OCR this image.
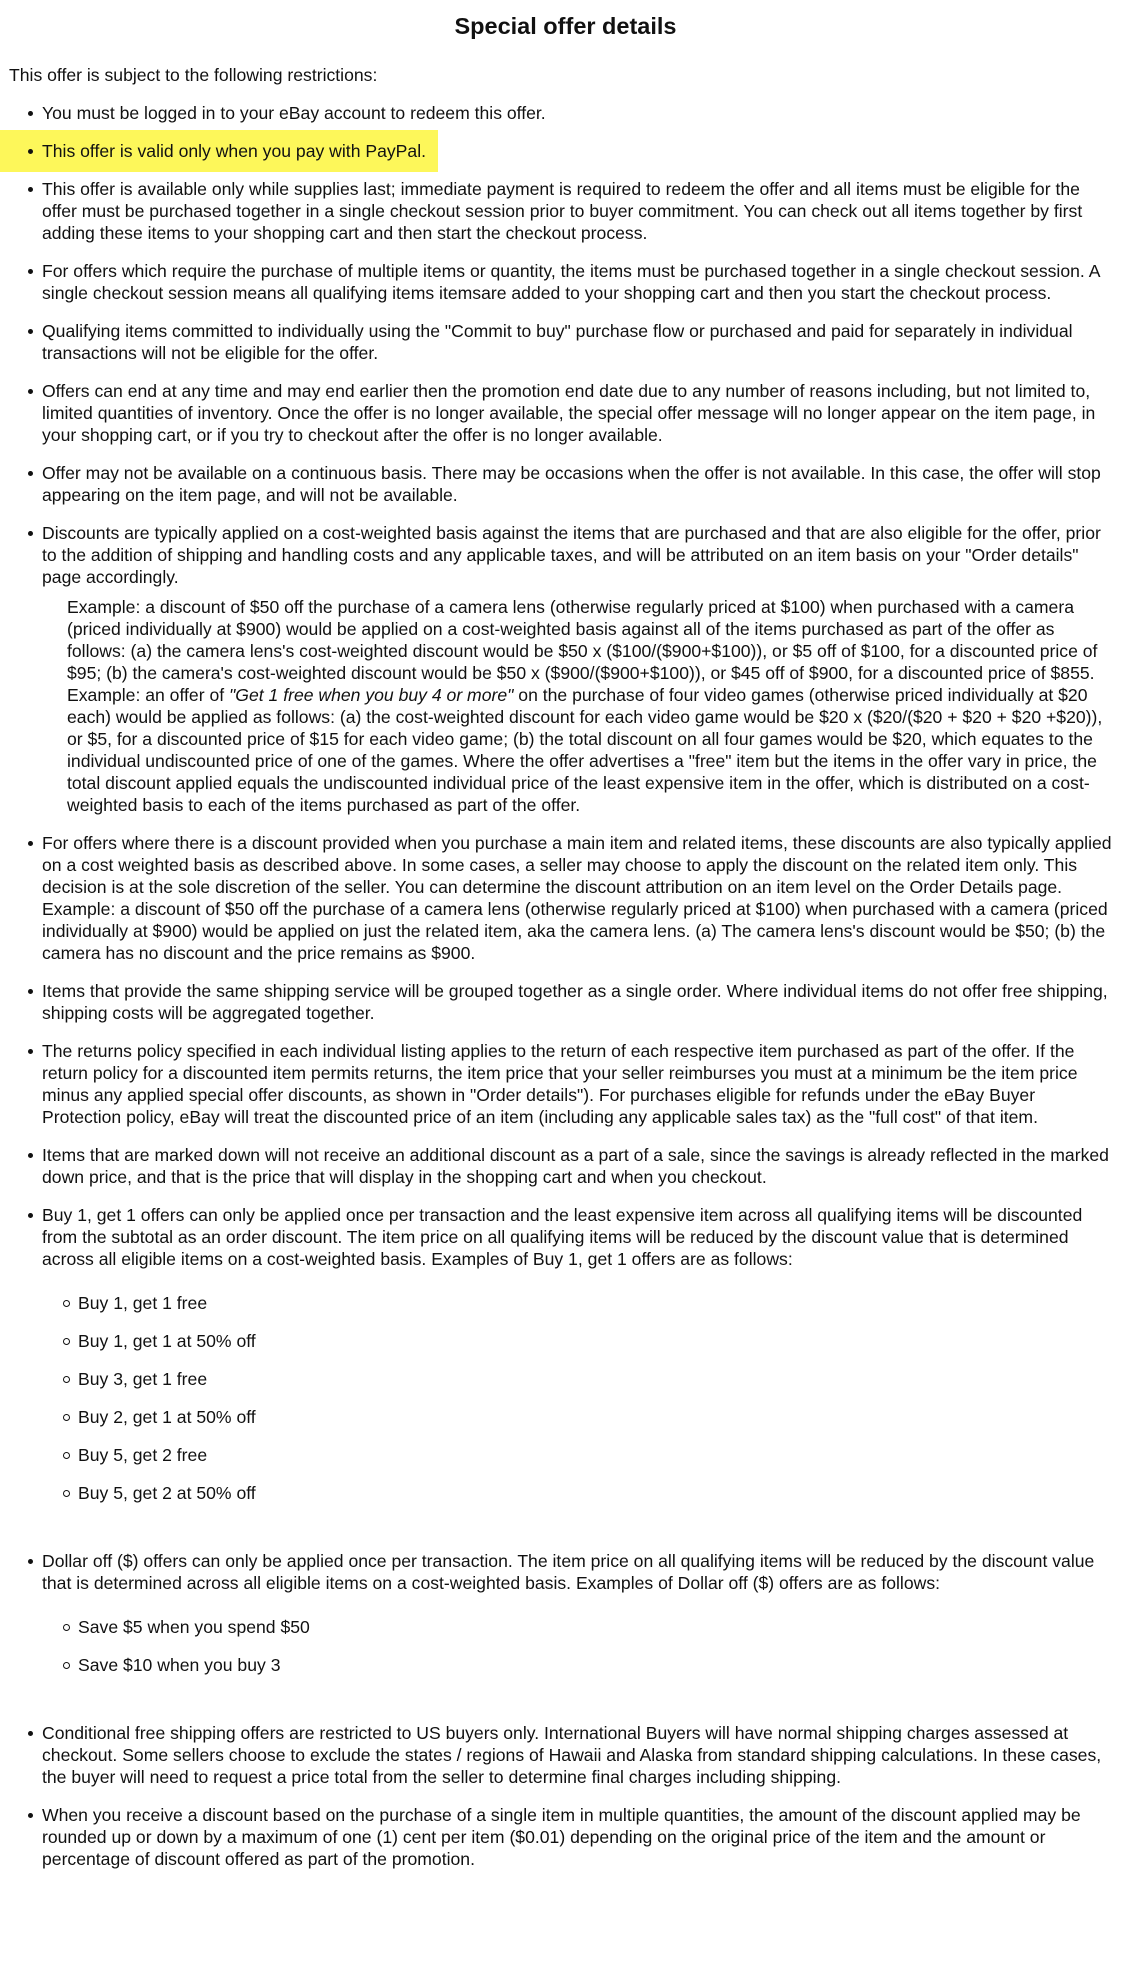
Special offer details
This offer is subject to the following restrictions:
You must be logged in to your eBay account to redeem this offer.
This offer is valid only when you pay with PayPal.
This offer is available only while supplies last; immediate payment is required to redeem the offer and all items must be eligible for the offer must be purchased together in a single checkout session prior to buyer commitment. You can check out all items together by first adding these items to your shopping cart and then start the checkout process.
For offers which require the purchase of multiple items or quantity, the items must be purchased together in a single checkout session. A single checkout session means all qualifying items itemsare added to your shopping cart and then you start the checkout process.
Qualifying items committed to individually using the "Commit to buy" purchase flow or purchased and paid for separately in individual transactions will not be eligible for the offer.
Offers can end at any time and may end earlier then the promotion end date due to any number of reasons including, but not limited to, limited quantities of inventory. Once the offer is no longer available, the special offer message will no longer appear on the item page, in your shopping cart, or if you try to checkout after the offer is no longer available.
Offer may not be available on a continuous basis. There may be occasions when the offer is not available. In this case, the offer will stop appearing on the item page, and will not be available.
Discounts are typically applied on a cost-weighted basis against the items that are purchased and that are also eligible for the offer, prior to the addition of shipping and handling costs and any applicable taxes, and will be attributed on an item basis on your "Order details" page accordingly.
Example: a discount of $50 off the purchase of a camera lens (otherwise regularly priced at $100) when purchased with a camera (priced individually at $900) would be applied on a cost-weighted basis against all of the items purchased as part of the offer as follows: (a) the camera lens's cost-weighted discount would be $50 x ($100/($900+$100)), or $5 off of $100, for a discounted price of $95; (b) the camera's cost-weighted discount would be $50 x ($900/($900+$100)), or $45 off of $900, for a discounted price of $855.
Example: an offer of "Get 1 free when you buy 4 or more" on the purchase of four video games (otherwise priced individually at $20 each) would be applied as follows: (a) the cost-weighted discount for each video game would be $20 x ($20/($20 + $20 + $20 +$20)), or $5, for a discounted price of $15 for each video game; (b) the total discount on all four games would be $20, which equates to the individual undiscounted price of one of the games. Where the offer advertises a "free" item but the items in the offer vary in price, the total discount applied equals the undiscounted individual price of the least expensive item in the offer, which is distributed on a cost-weighted basis to each of the items purchased as part of the offer.
For offers where there is a discount provided when you purchase a main item and related items, these discounts are also typically applied on a cost weighted basis as described above. In some cases, a seller may choose to apply the discount on the related item only. This decision is at the sole discretion of the seller. You can determine the discount attribution on an item level on the Order Details page.
Example: a discount of $50 off the purchase of a camera lens (otherwise regularly priced at $100) when purchased with a camera (priced individually at $900) would be applied on just the related item, aka the camera lens. (a) The camera lens's discount would be $50; (b) the camera has no discount and the price remains as $900.
Items that provide the same shipping service will be grouped together as a single order. Where individual items do not offer free shipping, shipping costs will be aggregated together.
The returns policy specified in each individual listing applies to the return of each respective item purchased as part of the offer. If the return policy for a discounted item permits returns, the item price that your seller reimburses you must at a minimum be the item price minus any applied special offer discounts, as shown in "Order details"). For purchases eligible for refunds under the eBay Buyer Protection policy, eBay will treat the discounted price of an item (including any applicable sales tax) as the "full cost" of that item.
Items that are marked down will not receive an additional discount as a part of a sale, since the savings is already reflected in the marked down price, and that is the price that will display in the shopping cart and when you checkout.
Buy 1, get 1 offers can only be applied once per transaction and the least expensive item across all qualifying items will be discounted from the subtotal as an order discount. The item price on all qualifying items will be reduced by the discount value that is determined across all eligible items on a cost-weighted basis. Examples of Buy 1, get 1 offers are as follows:
Buy 1, get 1 free
Buy 1, get 1 at 50% off
Buy 3, get 1 free
Buy 2, get 1 at 50% off
Buy 5, get 2 free
Buy 5, get 2 at 50% off
Dollar off ($) offers can only be applied once per transaction. The item price on all qualifying items will be reduced by the discount value that is determined across all eligible items on a cost-weighted basis. Examples of Dollar off ($) offers are as follows:
Save $5 when you spend $50
Save $10 when you buy 3
Conditional free shipping offers are restricted to US buyers only. International Buyers will have normal shipping charges assessed at checkout. Some sellers choose to exclude the states / regions of Hawaii and Alaska from standard shipping calculations. In these cases, the buyer will need to request a price total from the seller to determine final charges including shipping.
When you receive a discount based on the purchase of a single item in multiple quantities, the amount of the discount applied may be rounded up or down by a maximum of one (1) cent per item ($0.01) depending on the original price of the item and the amount or percentage of discount offered as part of the promotion.
